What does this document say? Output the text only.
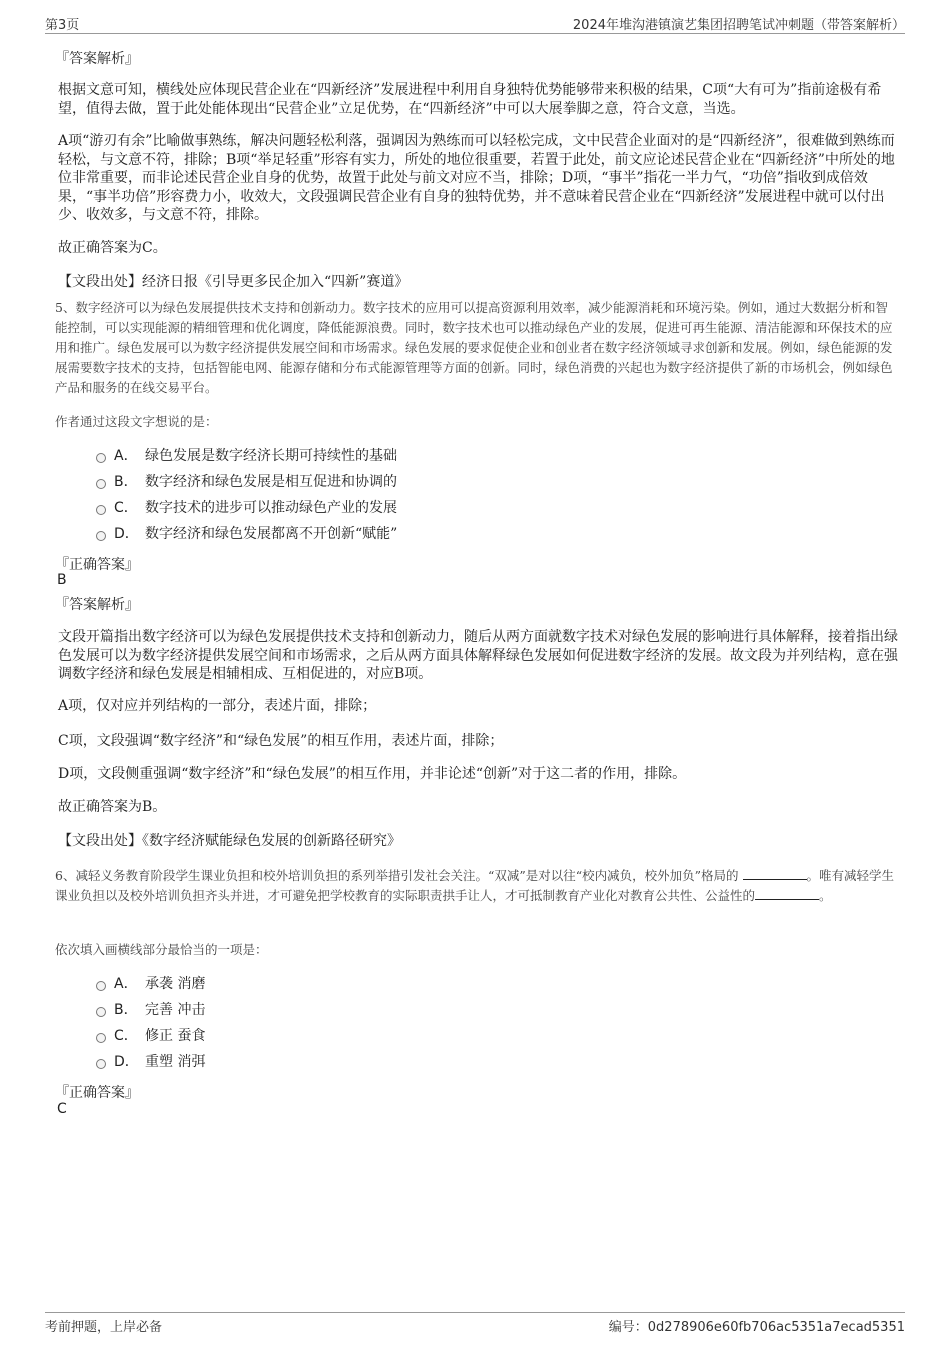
第3页	2024年堆沟港镇演艺集团招聘笔试冲刺题（带答案解析）
『答案解析』
根据文意可知，横线处应体现民营企业在“四新经济”发展进程中利用自身独特优势能够带来积极的结果，C项“大有可为”指前途极有希望，值得去做，置于此处能体现出“民营企业”立足优势，在“四新经济”中可以大展拳脚之意，符合文意，当选。
A项“游刃有余”比喻做事熟练，解决问题轻松利落，强调因为熟练而可以轻松完成，文中民营企业面对的是“四新经济”，很难做到熟练而轻松，与文意不符，排除；B项“举足轻重”形容有实力，所处的地位很重要，若置于此处，前文应论述民营企业在“四新经济”中所处的地位非常重要，而非论述民营企业自身的优势，故置于此处与前文对应不当，排除；D项，“事半”指花一半力气，“功倍”指收到成倍效果，“事半功倍”形容费力小，收效大，文段强调民营企业有自身的独特优势，并不意味着民营企业在“四新经济”发展进程中就可以付出少、收效多，与文意不符，排除。
故正确答案为C。
【文段出处】经济日报《引导更多民企加入“四新”赛道》
5、数字经济可以为绿色发展提供技术支持和创新动力。数字技术的应用可以提高资源利用效率，减少能源消耗和环境污染。例如，通过大数据分析和智能控制，可以实现能源的精细管理和优化调度，降低能源浪费。同时，数字技术也可以推动绿色产业的发展，促进可再生能源、清洁能源和环保技术的应用和推广。绿色发展可以为数字经济提供发展空间和市场需求。绿色发展的要求促使企业和创业者在数字经济领域寻求创新和发展。例如，绿色能源的发展需要数字技术的支持，包括智能电网、能源存储和分布式能源管理等方面的创新。同时，绿色消费的兴起也为数字经济提供了新的市场机会，例如绿色产品和服务的在线交易平台。
作者通过这段文字想说的是：
A． 绿色发展是数字经济长期可持续性的基础
B． 数字经济和绿色发展是相互促进和协调的
C． 数字技术的进步可以推动绿色产业的发展
D． 数字经济和绿色发展都离不开创新“赋能”
『正确答案』
B
『答案解析』
文段开篇指出数字经济可以为绿色发展提供技术支持和创新动力，随后从两方面就数字技术对绿色发展的影响进行具体解释，接着指出绿色发展可以为数字经济提供发展空间和市场需求，之后从两方面具体解释绿色发展如何促进数字经济的发展。故文段为并列结构，意在强调数字经济和绿色发展是相辅相成、互相促进的，对应B项。
A项，仅对应并列结构的一部分，表述片面，排除；
C项，文段强调“数字经济”和“绿色发展”的相互作用，表述片面，排除；
D项，文段侧重强调“数字经济”和“绿色发展”的相互作用，并非论述“创新”对于这二者的作用，排除。
故正确答案为B。
【文段出处】《数字经济赋能绿色发展的创新路径研究》
6、减轻义务教育阶段学生课业负担和校外培训负担的系列举措引发社会关注。“双减”是对以往“校内减负，校外加负”格局的	。唯有减轻学生课业负担以及校外培训负担齐头并进，才可避免把学校教育的实际职责拱手让人，才可抵制教育产业化对教育公共性、公益性的	。
依次填入画横线部分最恰当的一项是：
A． 承袭 消磨
B． 完善 冲击
C． 修正 蚕食
D． 重塑 消弭
『正确答案』
C
考前押题，上岸必备	编号：0d278906e60fb706ac5351a7ecad5351
